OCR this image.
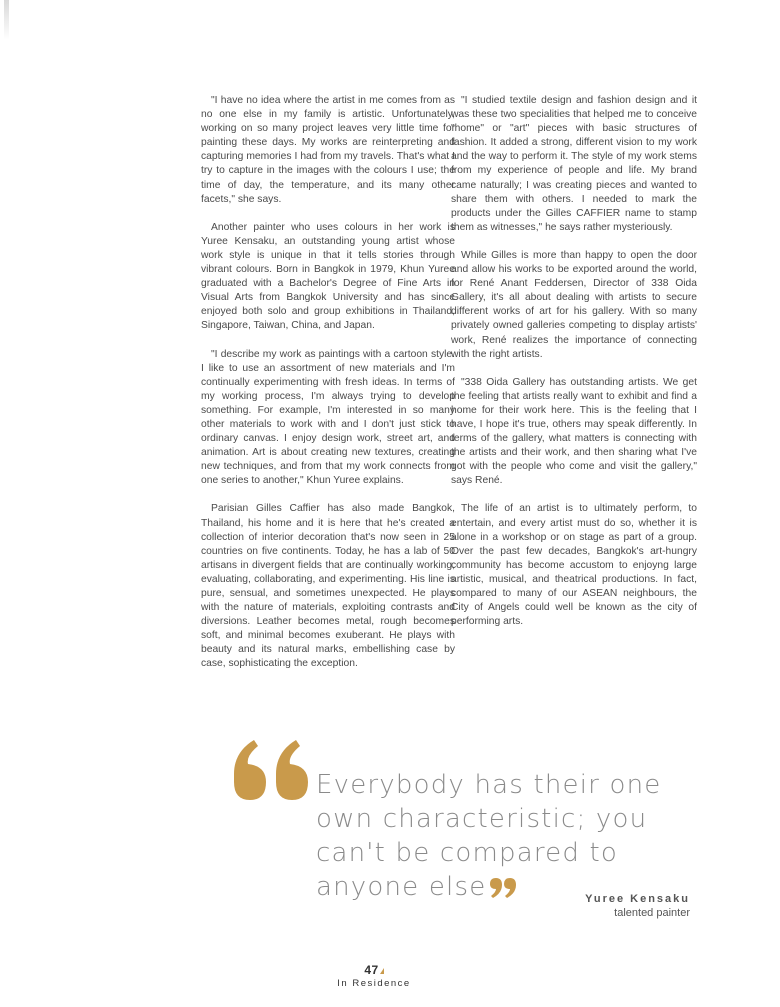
"I have no idea where the artist in me comes from as no one else in my family is artistic. Unfortunately, working on so many project leaves very little time for painting these days. My works are reinterpreting and capturing memories I had from my travels. That's what I try to capture in the images with the colours I use; the time of day, the temperature, and its many other facets," she says.

Another painter who uses colours in her work is Yuree Kensaku, an outstanding young artist whose work style is unique in that it tells stories through vibrant colours. Born in Bangkok in 1979, Khun Yuree graduated with a Bachelor's Degree of Fine Arts in Visual Arts from Bangkok University and has since enjoyed both solo and group exhibitions in Thailand, Singapore, Taiwan, China, and Japan.

"I describe my work as paintings with a cartoon style. I like to use an assortment of new materials and I'm continually experimenting with fresh ideas. In terms of my working process, I'm always trying to develop something. For example, I'm interested in so many other materials to work with and I don't just stick to ordinary canvas. I enjoy design work, street art, and animation. Art is about creating new textures, creating new techniques, and from that my work connects from one series to another," Khun Yuree explains.

Parisian Gilles Caffier has also made Bangkok, Thailand, his home and it is here that he's created a collection of interior decoration that's now seen in 25 countries on five continents. Today, he has a lab of 50 artisans in divergent fields that are continually working, evaluating, collaborating, and experimenting. His line is pure, sensual, and sometimes unexpected. He plays with the nature of materials, exploiting contrasts and diversions. Leather becomes metal, rough becomes soft, and minimal becomes exuberant. He plays with beauty and its natural marks, embellishing case by case, sophisticating the exception.

"I studied textile design and fashion design and it was these two specialities that helped me to conceive "home" or "art" pieces with basic structures of fashion. It added a strong, different vision to my work and the way to perform it. The style of my work stems from my experience of people and life. My brand came naturally; I was creating pieces and wanted to share them with others. I needed to mark the products under the Gilles CAFFIER name to stamp them as witnesses," he says rather mysteriously.

While Gilles is more than happy to open the door and allow his works to be exported around the world, for René Anant Feddersen, Director of 338 Oida Gallery, it's all about dealing with artists to secure different works of art for his gallery. With so many privately owned galleries competing to display artists' work, René realizes the importance of connecting with the right artists.

"338 Oida Gallery has outstanding artists. We get the feeling that artists really want to exhibit and find a home for their work here. This is the feeling that I have, I hope it's true, others may speak differently. In terms of the gallery, what matters is connecting with the artists and their work, and then sharing what I've got with the people who come and visit the gallery," says René.

The life of an artist is to ultimately perform, to entertain, and every artist must do so, whether it is alone in a workshop or on stage as part of a group. Over the past few decades, Bangkok's art-hungry community has become accustom to enjoyng large artistic, musical, and theatrical productions. In fact, compared to many of our ASEAN neighbours, the City of Angels could well be known as the city of performing arts.

Everybody has their one own characteristic; you can't be compared to anyone else	Yuree Kensaku
talented painter
47
In Residence
